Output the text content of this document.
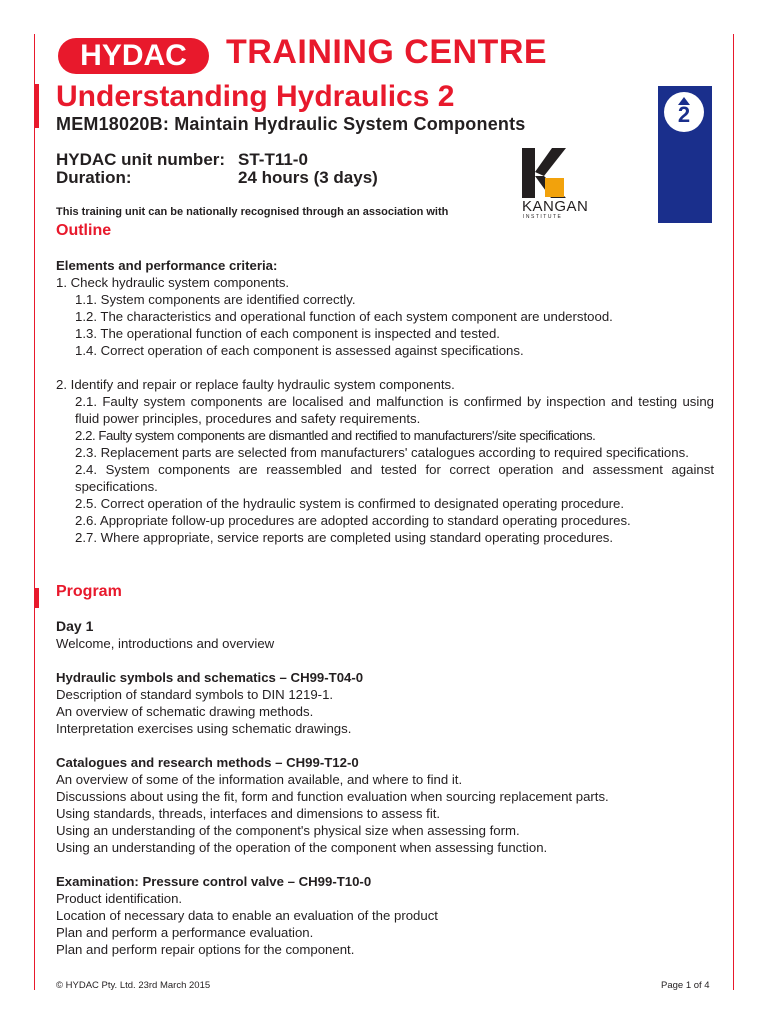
HYDAC TRAINING CENTRE
Understanding Hydraulics 2
MEM18020B: Maintain Hydraulic System Components
HYDAC unit number: ST-T11-0
Duration:	24 hours (3 days)
This training unit can be nationally recognised through an association with
2
KANGAN
INSTITUTE
Outline
Elements and performance criteria:
1. Check hydraulic system components.
1.1. System components are identified correctly.
1.2. The characteristics and operational function of each system component are understood.
1.3. The operational function of each component is inspected and tested.
1.4. Correct operation of each component is assessed against specifications.
2. Identify and repair or replace faulty hydraulic system components.
2.1. Faulty system components are localised and malfunction is confirmed by inspection and testing using fluid power principles, procedures and safety requirements.
2.2. Faulty system components are dismantled and rectified to manufacturers'/site specifications.
2.3. Replacement parts are selected from manufacturers' catalogues according to required specifications.
2.4. System components are reassembled and tested for correct operation and assessment against specifications.
2.5. Correct operation of the hydraulic system is confirmed to designated operating procedure.
2.6. Appropriate follow-up procedures are adopted according to standard operating procedures.
2.7. Where appropriate, service reports are completed using standard operating procedures.
Program
Day 1
Welcome, introductions and overview
Hydraulic symbols and schematics – CH99-T04-0
Description of standard symbols to DIN 1219-1.
An overview of schematic drawing methods.
Interpretation exercises using schematic drawings.
Catalogues and research methods – CH99-T12-0
An overview of some of the information available, and where to find it.
Discussions about using the fit, form and function evaluation when sourcing replacement parts.
Using standards, threads, interfaces and dimensions to assess fit.
Using an understanding of the component's physical size when assessing form.
Using an understanding of the operation of the component when assessing function.
Examination: Pressure control valve – CH99-T10-0
Product identification.
Location of necessary data to enable an evaluation of the product
Plan and perform a performance evaluation.
Plan and perform repair options for the component.
© HYDAC Pty. Ltd. 23rd March 2015	Page 1 of 4
